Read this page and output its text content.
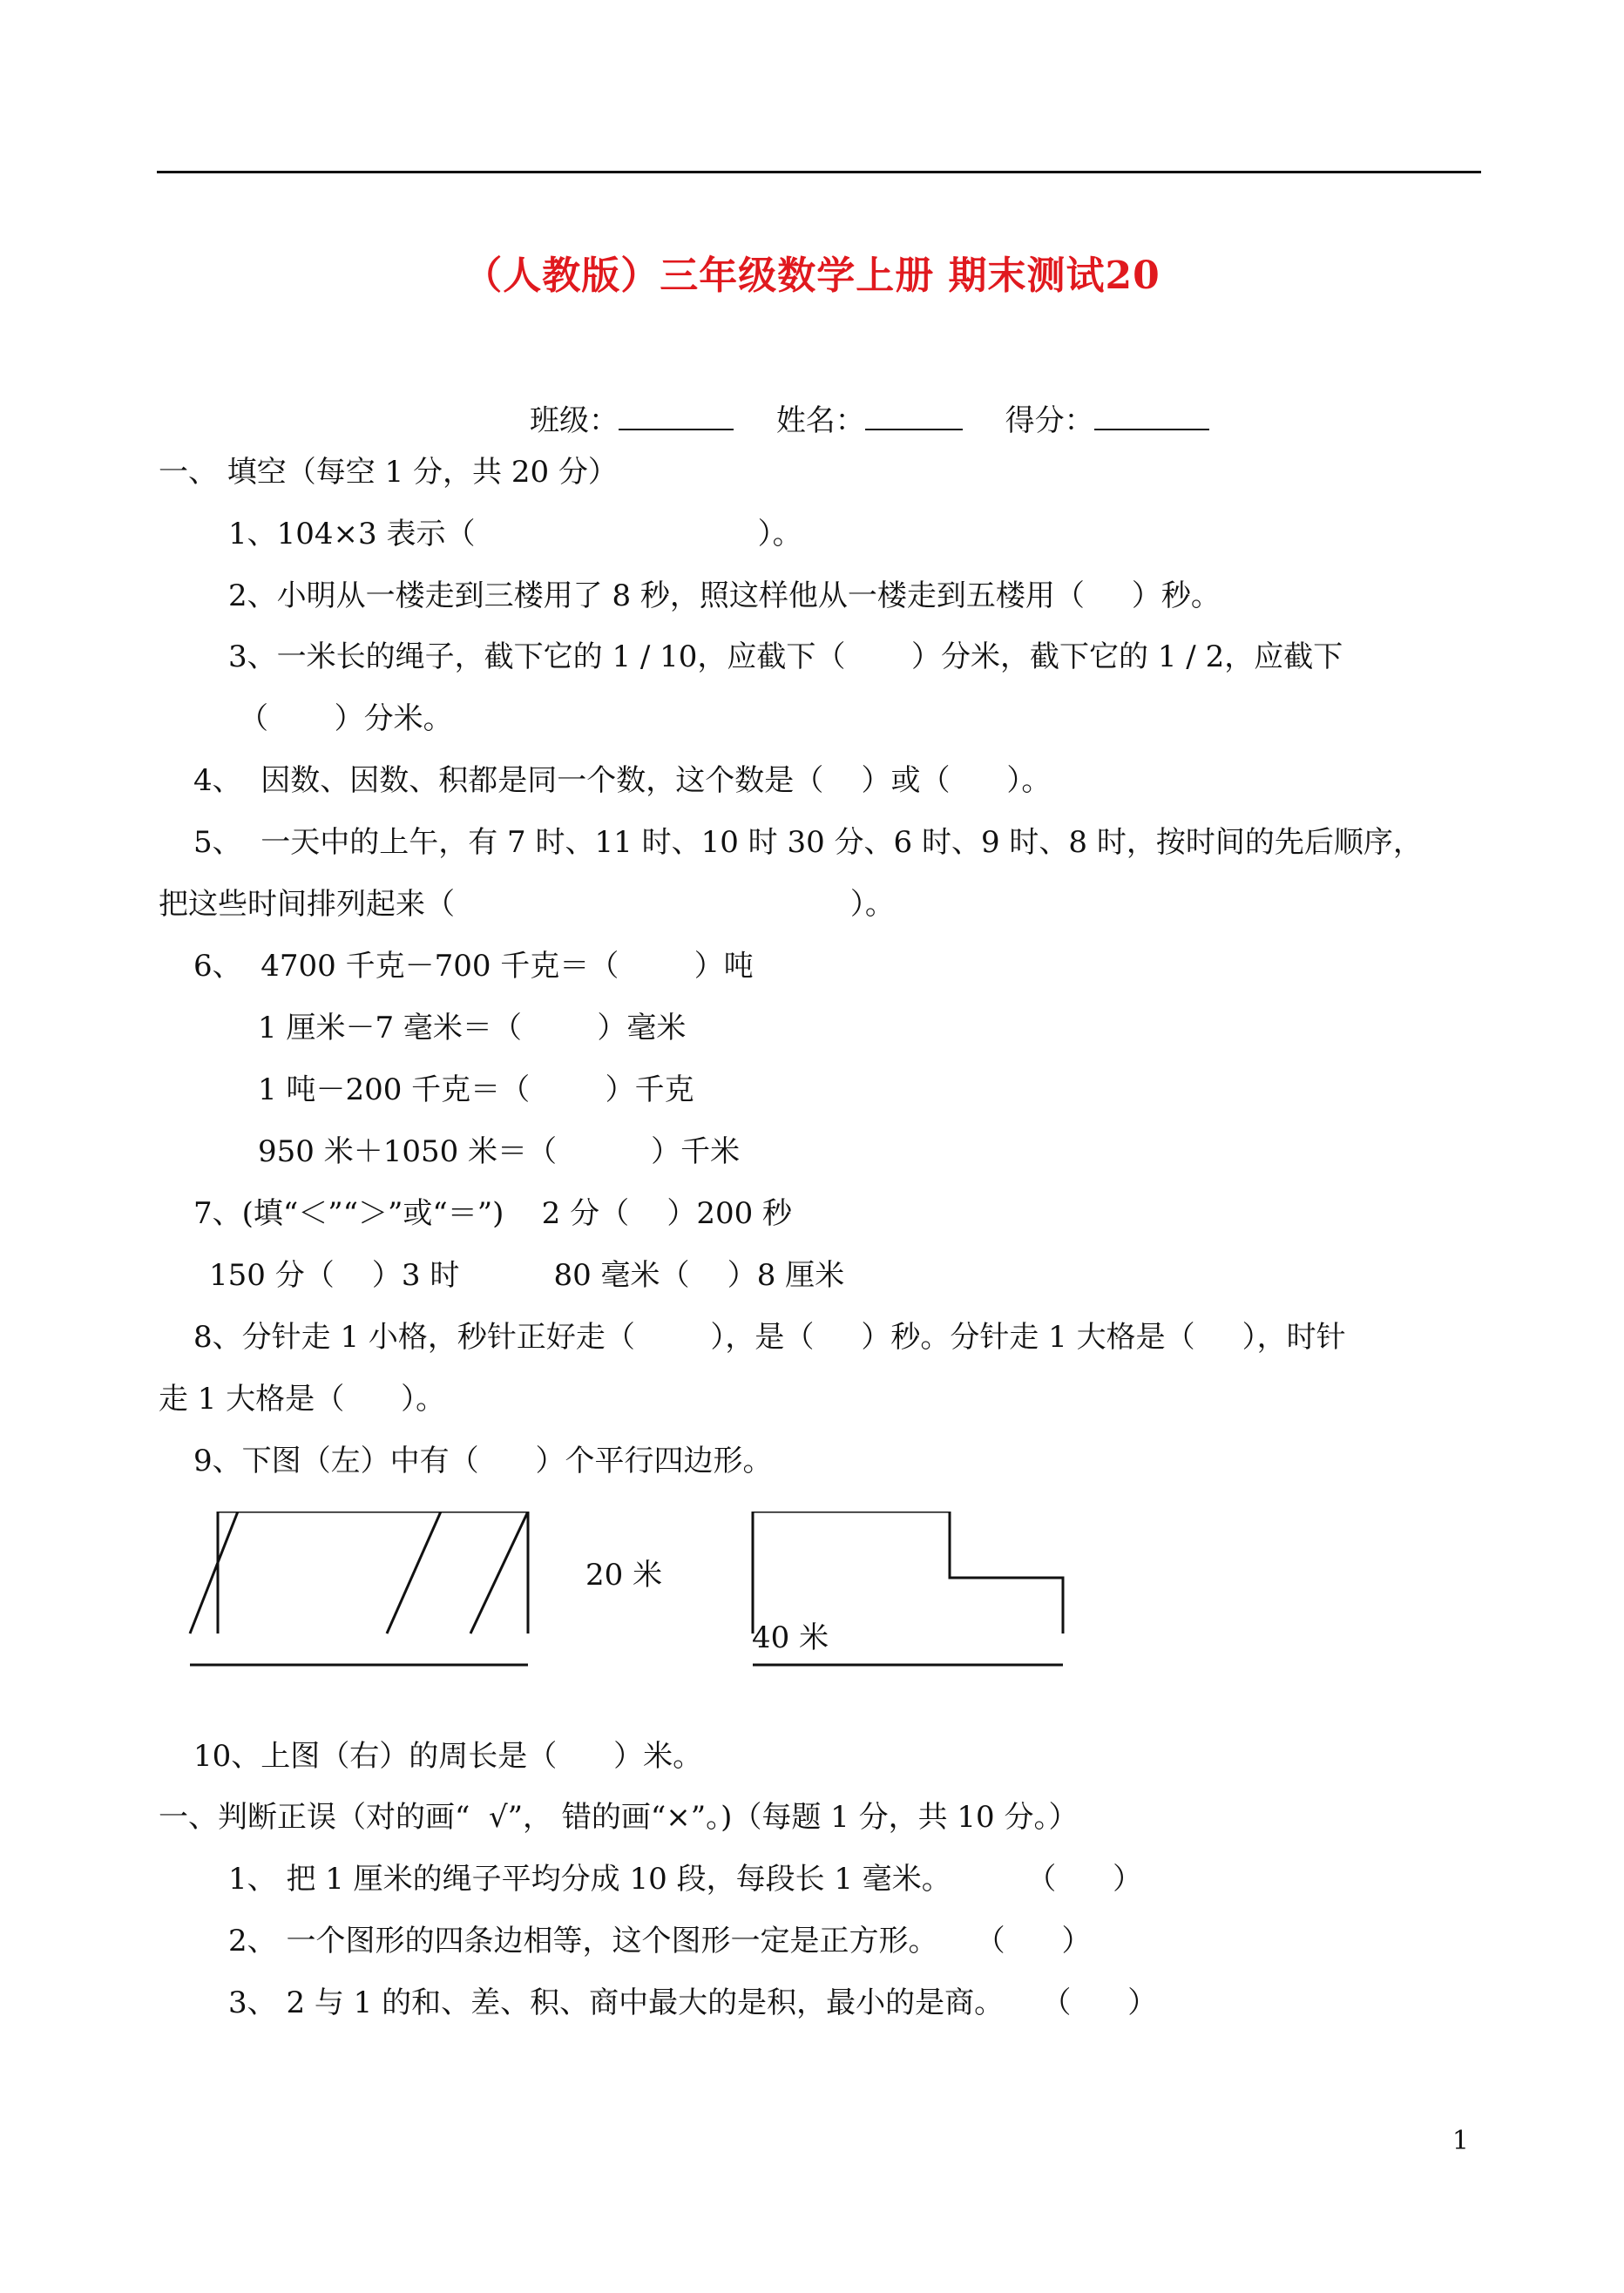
（人教版）三年级数学上册 期末测试20
班级：	姓名：	得分：
一、 填空（每空 1 分，共 20 分）
1、104×3 表示（                              ）。
2、小明从一楼走到三楼用了 8 秒，照这样他从一楼走到五楼用（     ）秒。
3、一米长的绳子，截下它的 1 / 10，应截下（       ）分米，截下它的 1 / 2，应截下
（       ）分米。
4、  因数、因数、积都是同一个数，这个数是（    ）或（      ）。
5、  一天中的上午，有 7 时、11 时、10 时 30 分、6 时、9 时、8 时，按时间的先后顺序，
把这些时间排列起来（                                          ）。
6、  4700 千克－700 千克＝（        ）吨
1 厘米－7 毫米＝（        ）毫米
1 吨－200 千克＝（        ）千克
950 米＋1050 米＝（          ）千米
7、(填“＜”“＞”或“＝”)    2 分（    ）200 秒
150 分（    ）3 时          80 毫米（    ）8 厘米
8、分针走 1 小格，秒针正好走（        ），是（     ）秒。分针走 1 大格是（     ），时针
走 1 大格是（      ）。
9、下图（左）中有（      ）个平行四边形。
20 米
40 米
10、上图（右）的周长是（      ）米。
一、判断正误（对的画“  √”， 错的画“×”。)（每题 1 分，共 10 分。）
1、 把 1 厘米的绳子平均分成 10 段，每段长 1 毫米。        （      ）
2、 一个图形的四条边相等，这个图形一定是正方形。    （      ）
3、 2 与 1 的和、差、积、商中最大的是积，最小的是商。    （      ）
1
